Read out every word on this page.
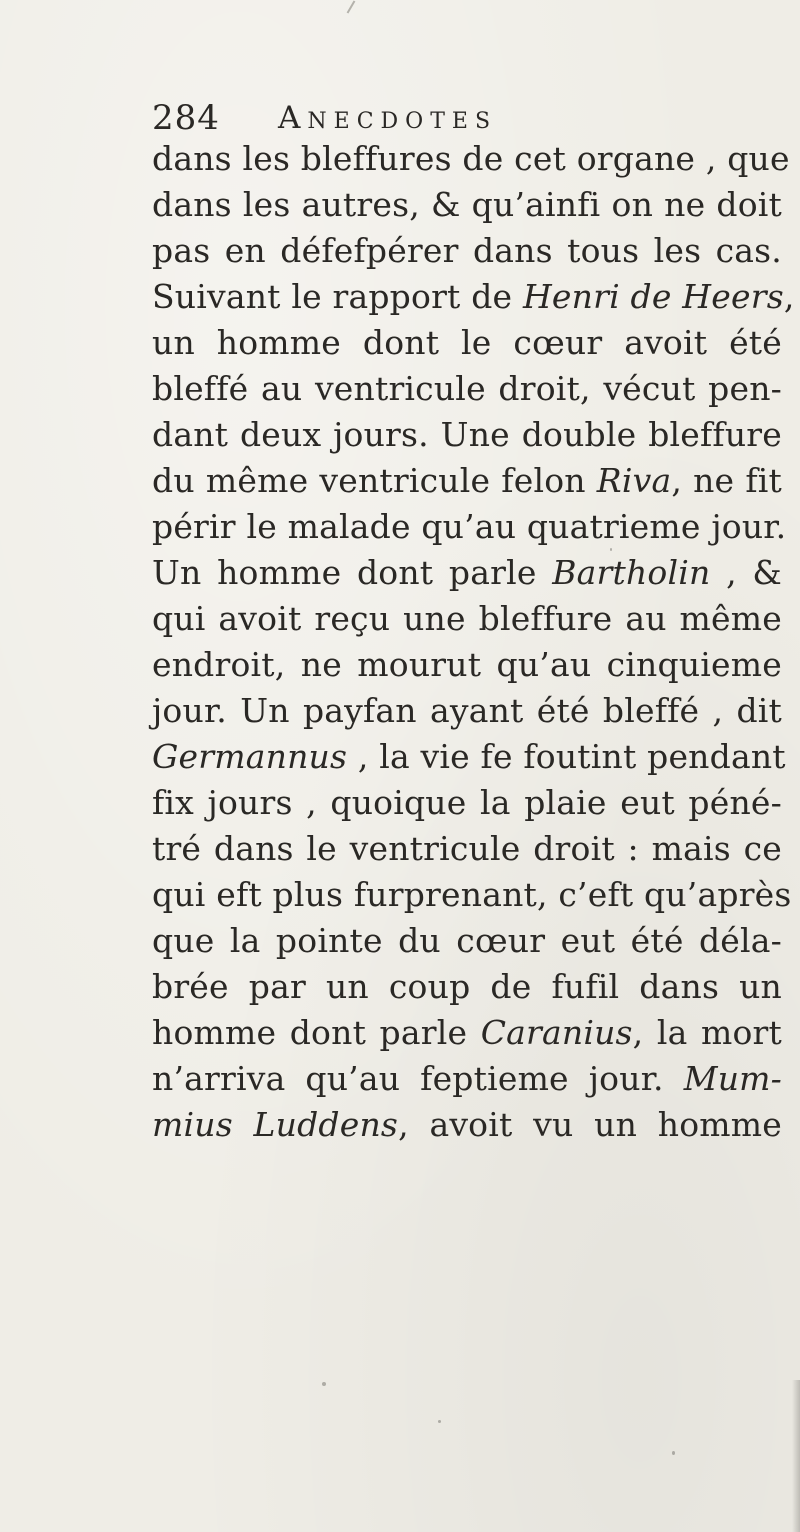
284 Anecdotes
dans les bleffures de cet organe , que
dans les autres, & qu’ainfi on ne doit
pas en défefpérer dans tous les cas.
Suivant le rapport de Henri de Heers,
un homme dont le cœur avoit été
bleffé au ventricule droit, vécut pen-
dant deux jours. Une double bleffure
du même ventricule felon Riva, ne fit
périr le malade qu’au quatrieme jour.
Un homme dont parle Bartholin , &
qui avoit reçu une bleffure au même
endroit, ne mourut qu’au cinquieme
jour. Un payfan ayant été bleffé , dit
Germannus , la vie fe foutint pendant
fix jours , quoique la plaie eut péné-
tré dans le ventricule droit : mais ce
qui eft plus furprenant, c’eft qu’après
que la pointe du cœur eut été déla-
brée par un coup de fufil dans un
homme dont parle Caranius, la mort
n’arriva qu’au feptieme jour. Mum-
mius Luddens, avoit vu un homme
